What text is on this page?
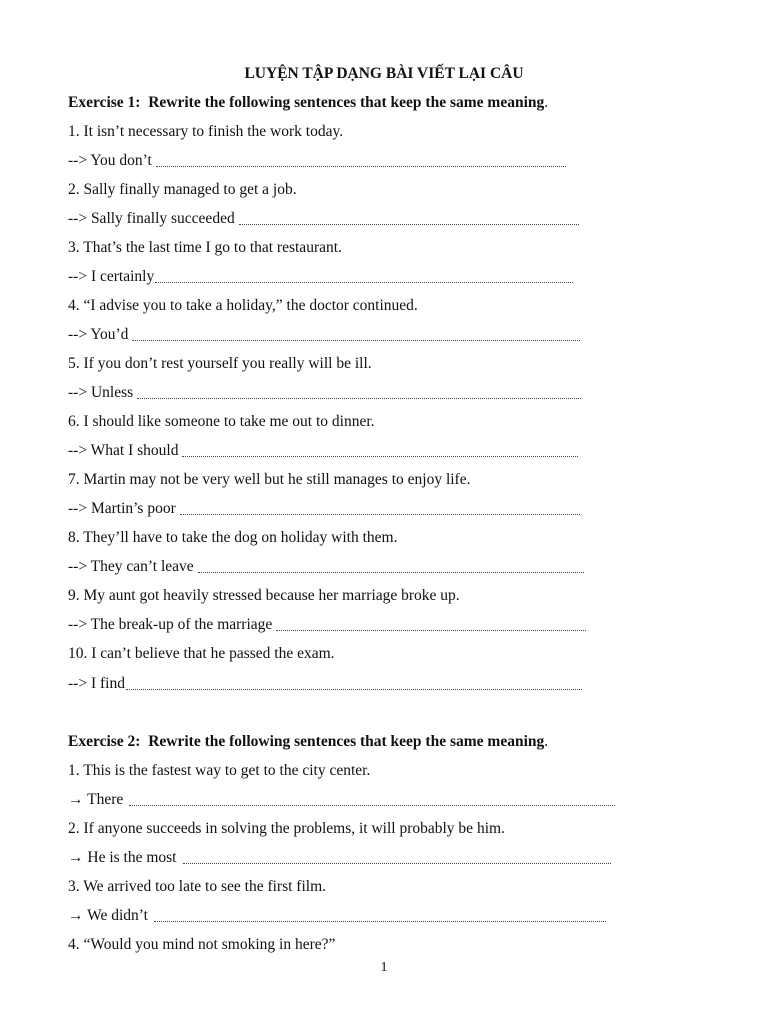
LUYỆN TẬP DẠNG BÀI VIẾT LẠI CÂU
Exercise 1: Rewrite the following sentences that keep the same meaning.
1. It isn’t necessary to finish the work today.
--> You don’t
2. Sally finally managed to get a job.
--> Sally finally succeeded
3. That’s the last time I go to that restaurant.
--> I certainly
4. “I advise you to take a holiday,” the doctor continued.
--> You’d
5. If you don’t rest yourself you really will be ill.
--> Unless
6. I should like someone to take me out to dinner.
--> What I should
7. Martin may not be very well but he still manages to enjoy life.
--> Martin’s poor
8. They’ll have to take the dog on holiday with them.
--> They can’t leave
9. My aunt got heavily stressed because her marriage broke up.
--> The break-up of the marriage
10. I can’t believe that he passed the exam.
--> I find
Exercise 2: Rewrite the following sentences that keep the same meaning.
1. This is the fastest way to get to the city center.
→ There
2. If anyone succeeds in solving the problems, it will probably be him.
→ He is the most
3. We arrived too late to see the first film.
→ We didn’t
4. “Would you mind not smoking in here?”
1
